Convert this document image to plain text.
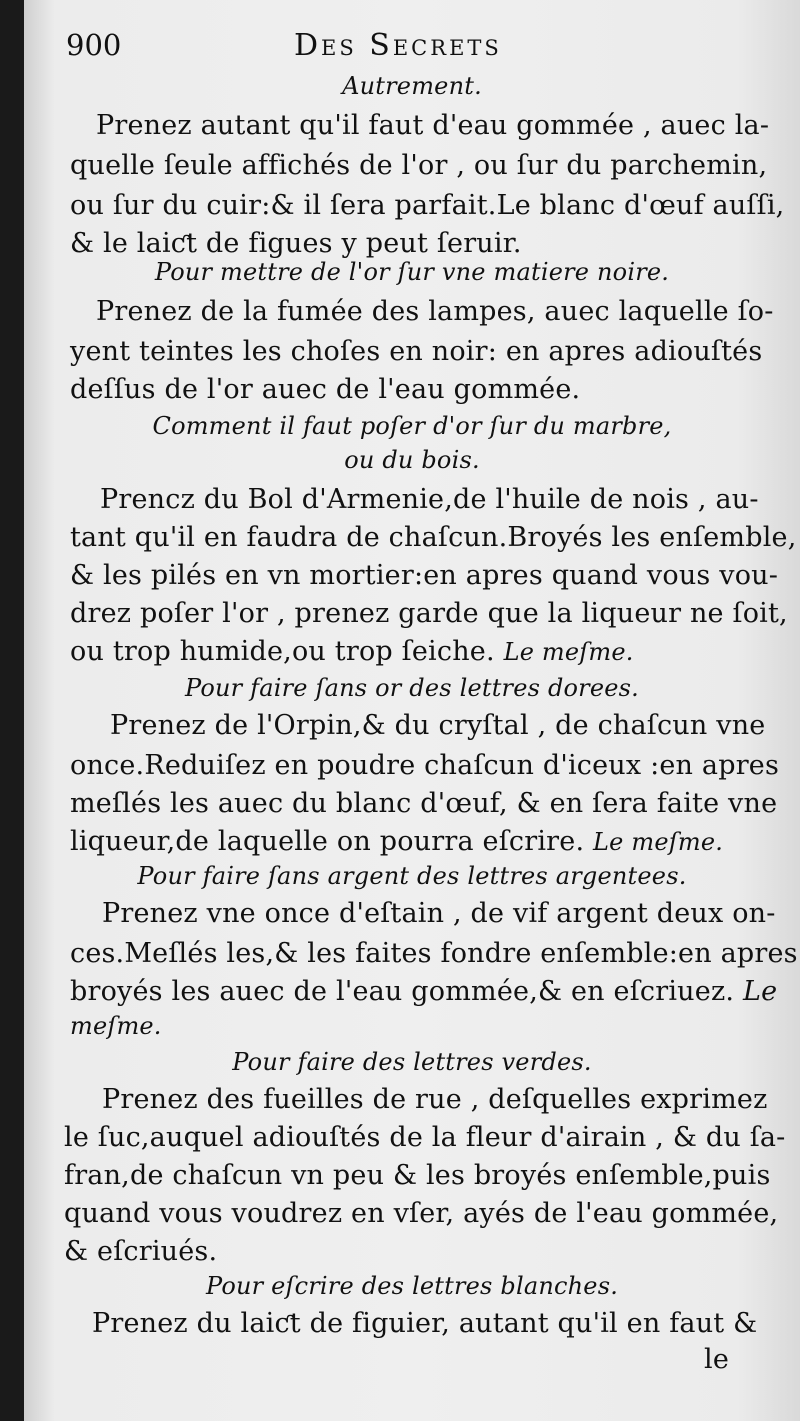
900	Des Secrets
Autrement.
Prenez autant qu'il faut d'eau gommée , auec la-
quelle ſeule affichés de l'or , ou ſur du parchemin,
ou ſur du cuir:& il ſera parfait.Le blanc d'œuf auſſi,
& le laiƈt de figues y peut ſeruir.
Pour mettre de l'or ſur vne matiere noire.
Prenez de la fumée des lampes, auec laquelle ſo-
yent teintes les choſes en noir: en apres adiouſtés
deſſus de l'or auec de l'eau gommée.
Comment il faut poſer d'or ſur du marbre,
ou du bois.
Prencz du Bol d'Armenie,de l'huile de nois , au-
tant qu'il en faudra de chaſcun.Broyés les enſemble,
& les pilés en vn mortier:en apres quand vous vou-
drez poſer l'or , prenez garde que la liqueur ne ſoit,
ou trop humide,ou trop ſeiche. Le meſme.
Pour faire ſans or des lettres dorees.
Prenez de l'Orpin,& du cryſtal , de chaſcun vne
once.Reduiſez en poudre chaſcun d'iceux :en apres
meſlés les auec du blanc d'œuf, & en ſera faite vne
liqueur,de laquelle on pourra eſcrire. Le meſme.
Pour faire ſans argent des lettres argentees.
Prenez vne once d'eſtain , de vif argent deux on-
ces.Meſlés les,& les faites fondre enſemble:en apres
broyés les auec de l'eau gommée,& en eſcriuez. Le
meſme.
Pour faire des lettres verdes.
Prenez des fueilles de rue , deſquelles exprimez
le ſuc,auquel adiouſtés de la fleur d'airain , & du ſa-
fran,de chaſcun vn peu & les broyés enſemble,puis
quand vous voudrez en vſer, ayés de l'eau gommée,
& eſcriués.
Pour eſcrire des lettres blanches.
Prenez du laiƈt de figuier, autant qu'il en faut &
le
